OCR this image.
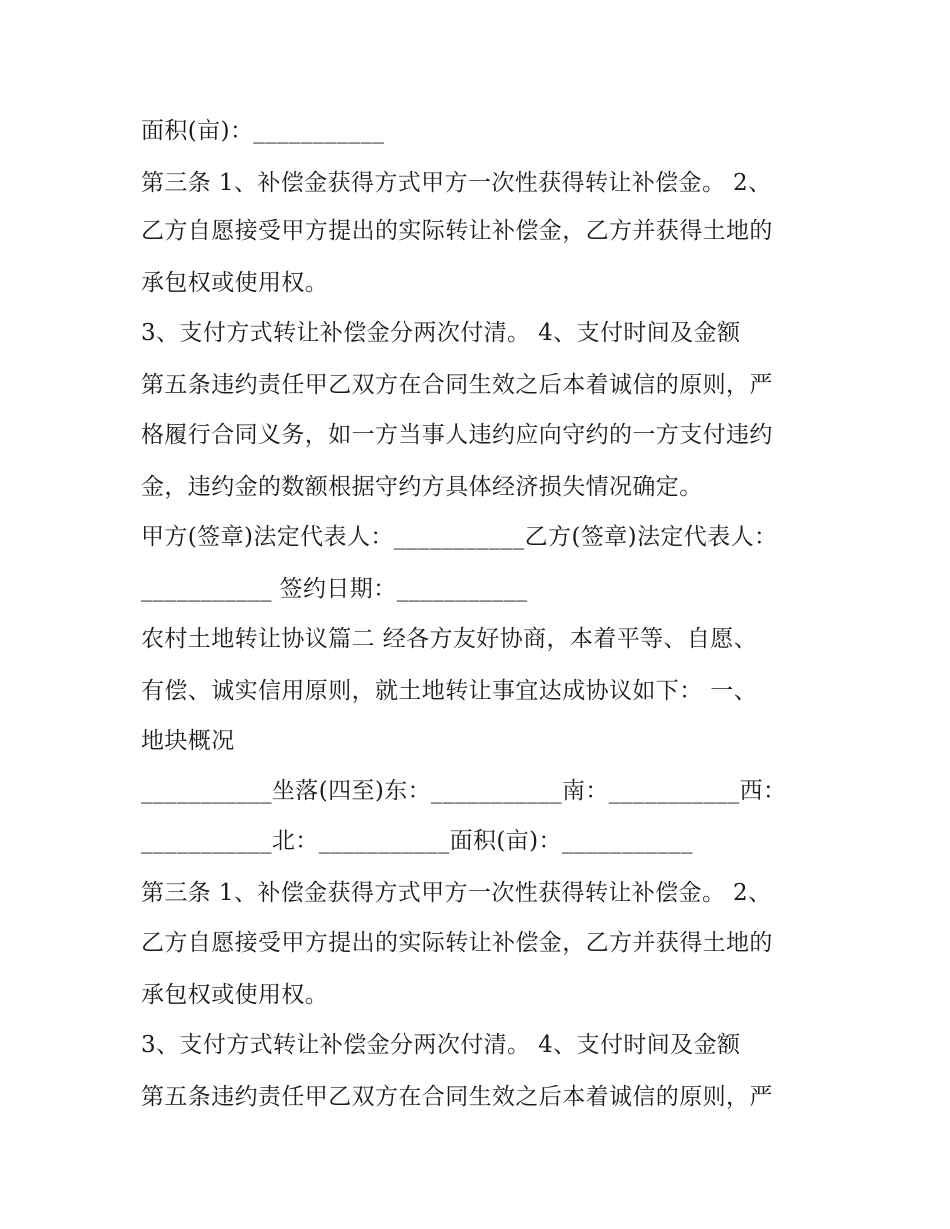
面积(亩)：___________
第三条 1、补偿金获得方式甲方一次性获得转让补偿金。 2、
乙方自愿接受甲方提出的实际转让补偿金，乙方并获得土地的
承包权或使用权。
3、支付方式转让补偿金分两次付清。 4、支付时间及金额
第五条违约责任甲乙双方在合同生效之后本着诚信的原则，严
格履行合同义务，如一方当事人违约应向守约的一方支付违约
金，违约金的数额根据守约方具体经济损失情况确定。
甲方(签章)法定代表人：___________乙方(签章)法定代表人：
___________ 签约日期：___________
农村土地转让协议篇二 经各方友好协商，本着平等、自愿、
有偿、诚实信用原则，就土地转让事宜达成协议如下： 一、
地块概况
___________坐落(四至)东：___________南：___________西：
___________北：___________面积(亩)：___________
第三条 1、补偿金获得方式甲方一次性获得转让补偿金。 2、
乙方自愿接受甲方提出的实际转让补偿金，乙方并获得土地的
承包权或使用权。
3、支付方式转让补偿金分两次付清。 4、支付时间及金额
第五条违约责任甲乙双方在合同生效之后本着诚信的原则，严
